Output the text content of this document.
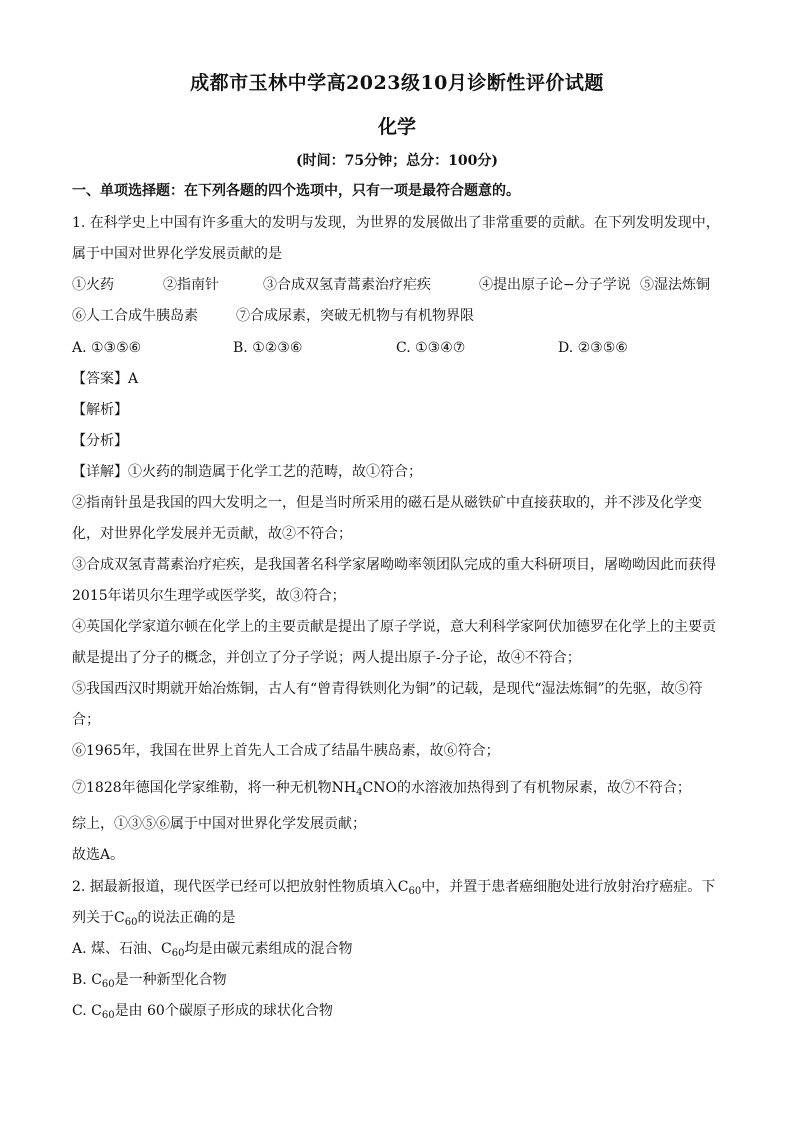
成都市玉林中学高2023级10月诊断性评价试题
化学
(时间：75分钟；总分：100分)
一、单项选择题：在下列各题的四个选项中，只有一项是最符合题意的。
1. 在科学史上中国有许多重大的发明与发现，为世界的发展做出了非常重要的贡献。在下列发明发现中，
属于中国对世界化学发展贡献的是
①火药	②指南针	③合成双氢青蒿素治疗疟疾	④提出原子论−分子学说 ⑤湿法炼铜
⑥人工合成牛胰岛素	⑦合成尿素，突破无机物与有机物界限
A. ①③⑤⑥	B. ①②③⑥	C. ①③④⑦	D. ②③⑤⑥
【答案】A
【解析】
【分析】
【详解】①火药的制造属于化学工艺的范畴，故①符合；
②指南针虽是我国的四大发明之一，但是当时所采用的磁石是从磁铁矿中直接获取的，并不涉及化学变
化，对世界化学发展并无贡献，故②不符合；
③合成双氢青蒿素治疗疟疾，是我国著名科学家屠呦呦率领团队完成的重大科研项目，屠呦呦因此而获得
2015年诺贝尔生理学或医学奖，故③符合；
④英国化学家道尔顿在化学上的主要贡献是提出了原子学说，意大利科学家阿伏加德罗在化学上的主要贡
献是提出了分子的概念，并创立了分子学说；两人提出原子-分子论，故④不符合；
⑤我国西汉时期就开始冶炼铜，古人有“曾青得铁则化为铜”的记载，是现代“湿法炼铜”的先驱，故⑤符
合；
⑥1965年，我国在世界上首先人工合成了结晶牛胰岛素，故⑥符合；
⑦1828年德国化学家维勒，将一种无机物$NH_4CNO$的水溶液加热得到了有机物尿素，故⑦不符合；
综上，①③⑤⑥属于中国对世界化学发展贡献；
故选A。
2. 据最新报道，现代医学已经可以把放射性物质填入$C_{60}$中，并置于患者癌细胞处进行放射治疗癌症。下
列关于$C_{60}$的说法正确的是
A. 煤、石油、$C_{60}$均是由碳元素组成的混合物
B. $C_{60}$是一种新型化合物
C. $C_{60}$是由 60个碳原子形成的球状化合物
